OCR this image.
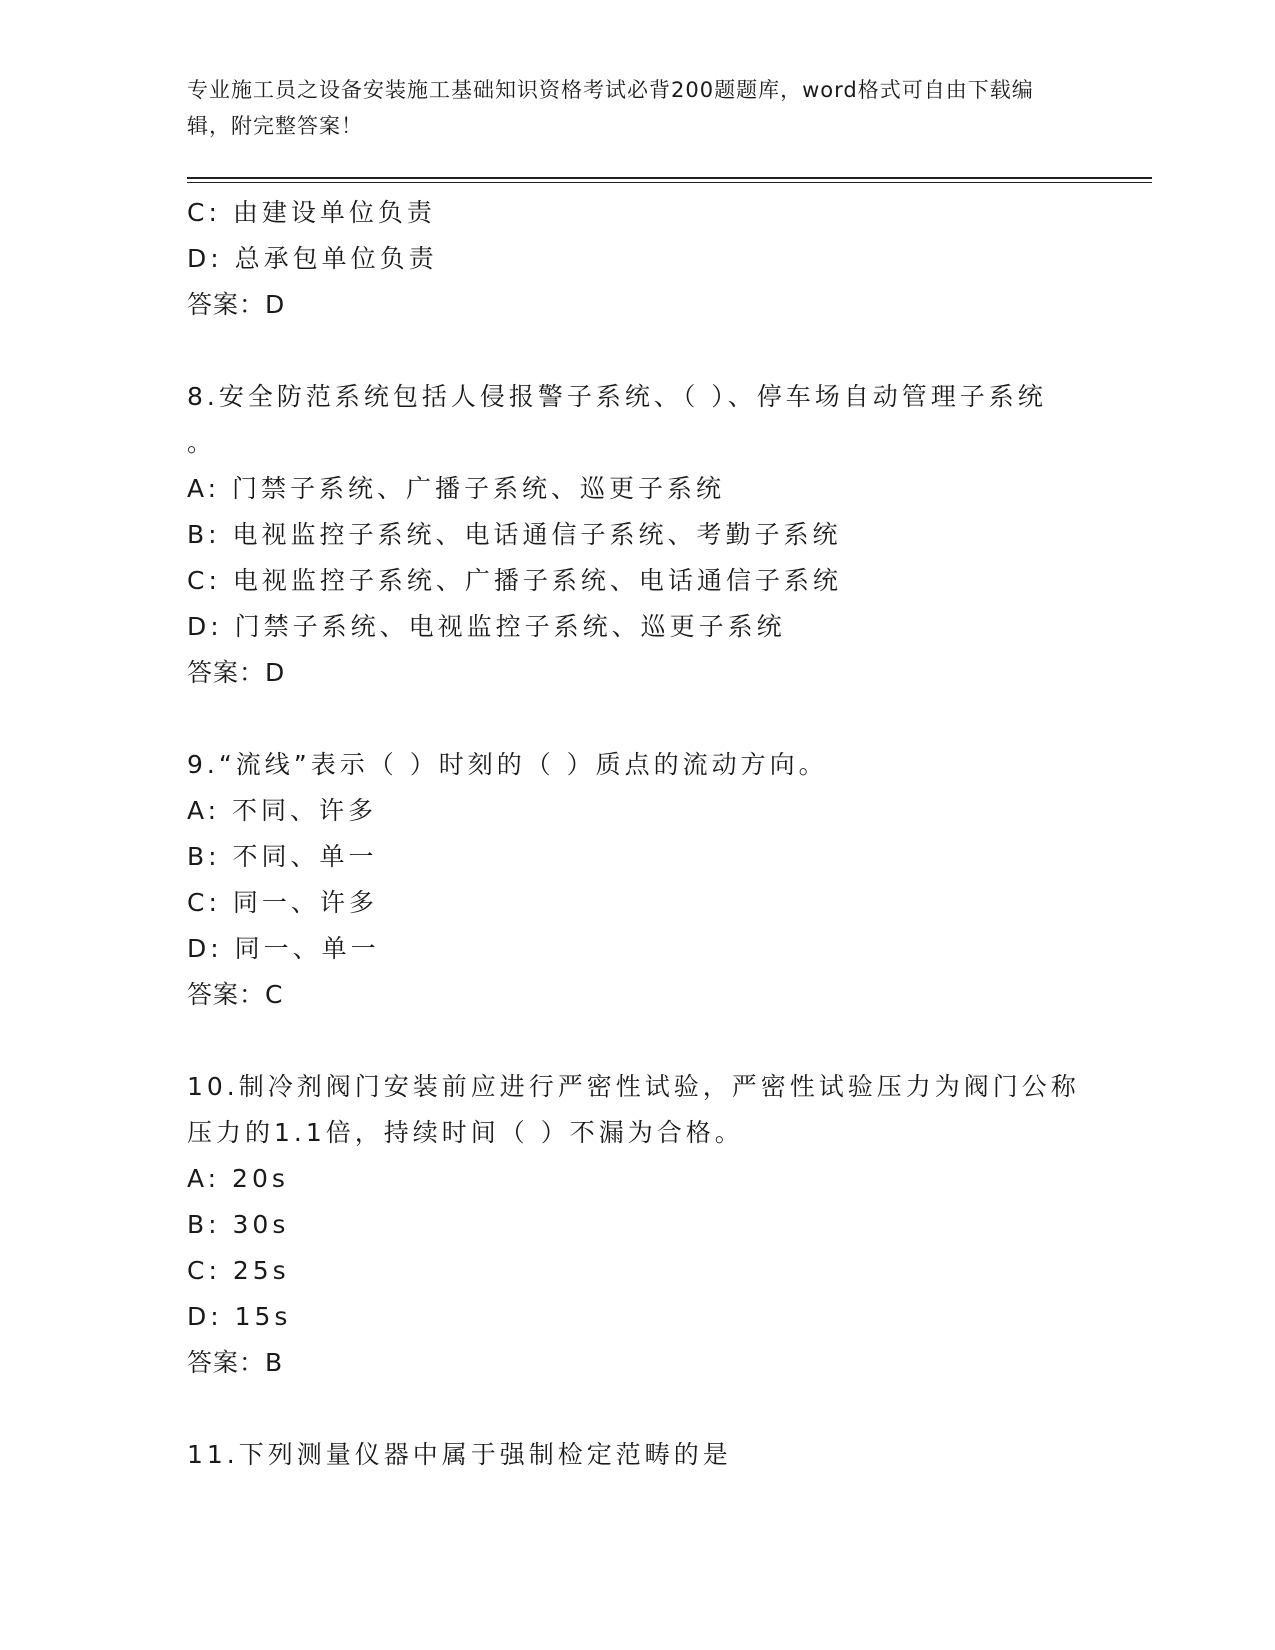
专业施工员之设备安装施工基础知识资格考试必背200题题库，word格式可自由下载编辑，附完整答案！
C: 由建设单位负责
D: 总承包单位负责
答案：D
8.安全防范系统包括人侵报警子系统、（ ）、停车场自动管理子系统
。
A: 门禁子系统、广播子系统、巡更子系统
B: 电视监控子系统、电话通信子系统、考勤子系统
C: 电视监控子系统、广播子系统、电话通信子系统
D: 门禁子系统、电视监控子系统、巡更子系统
答案：D
9.“流线”表示（ ）时刻的（ ）质点的流动方向。
A: 不同、许多
B: 不同、单一
C: 同一、许多
D: 同一、单一
答案：C
10.制冷剂阀门安装前应进行严密性试验，严密性试验压力为阀门公称
压力的1.1倍，持续时间（ ）不漏为合格。
A: 20s
B: 30s
C: 25s
D: 15s
答案：B
11.下列测量仪器中属于强制检定范畴的是
